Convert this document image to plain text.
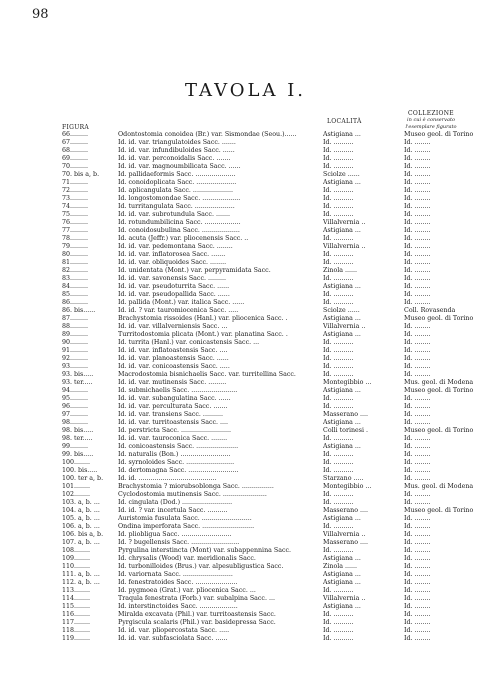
98
TAVOLA I.
FIGURA
LOCALITÀ
COLLEZIONE
in cui è conservato
l'esemplare figurato
66.........	Odontostomia conoidea (Br.) var. Sismondae (Seou.)......	Astigiana ...	Museo geol. di Torino
67.........	Id. id. var. triangulatoides Sacc. .......	Id. ..........	Id. ........
68.........	Id. id. var. infundibuloides Sacc. ......	Id. ..........	Id. ........
69.........	Id. id. var. perconoidalis Sacc. .......	Id. ..........	Id. ........
70.........	Id. id. var. magnoumbilicata Sacc. ......	Id. ..........	Id. ........
70. bis a, b.	Id. pallidaeformis Sacc. ....................	Sciolze ......	Id. ........
71.........	Id. conoidoplicata Sacc. ....................	Astigiana ...	Id. ........
72.........	Id. aplicangulata Sacc. ....................	Id. ..........	Id. ........
73.........	Id. longostomondae Sacc. ...................	Id. ..........	Id. ........
74.........	Id. turritangulata Sacc. ....................	Id. ..........	Id. ........
75.........	Id. id. var. subrotundula Sacc. .......	Id. ..........	Id. ........
76.........	Id. rotundumbilicina Sacc. ..................	Villalvernia ..	Id. ........
77.........	Id. conoidosubulina Sacc. ...................	Astigiana ...	Id. ........
78.........	Id. acuta (Jeffr.) var. pliocenensis Sacc. ..	Id. ..........	Id. ........
79.........	Id. id. var. pedemontana Sacc. ........	Villalvernia ..	Id. ........
80.........	Id. id. var. inflatorosea Sacc. .......	Id. ..........	Id. ........
81.........	Id. id. var. obliquoides Sacc. ........	Id. ..........	Id. ........
82.........	Id. unidentata (Mont.) var. perpyramidata Sacc.	Zinola ......	Id. ........
83.........	Id. id. var. savonensis Sacc. .........	Id. ..........	Id. ........
84.........	Id. id. var. pseudoturrita Sacc. ......	Astigiana ...	Id. ........
85.........	Id. id. var. pseudopallida Sacc. ......	Id. ..........	Id. ........
86.........	Id. pallida (Mont.) var. italica Sacc. ......	Id. ..........	Id. ........
86. bis......	Id. id. ? var. tauromiocenica Sacc. .....	Sciolze ......	Coll. Rovasenda
87.........	Brachystomia rissoides (Hanl.) var. pliocenica Sacc. .	Astigiana ...	Museo geol. di Torino
88.........	Id. id. var. villalverniensis Sacc. ...	Villalvernia ..	Id. ........
89.........	Turritodostomia plicata (Mont.) var. planatina Sacc. .	Astigiana ...	Id. ........
90.........	Id. turrita (Hanl.) var. conicastensis Sacc. ...	Id. ..........	Id. ........
91.........	Id. id. var. inflatoastensis Sacc. ....	Id. ..........	Id. ........
92.........	Id. id. var. planoastensis Sacc. ......	Id. ..........	Id. ........
93.........	Id. id. var. conicoastensis Sacc. .....	Id. ..........	Id. ........
93. bis.....	Macrodostomia bisnichaelis Sacc. var. turritellina Sacc.	Id. ..........	Id. ........
93. ter.....	Id. id. var. mutinensis Sacc. .........	Montegibbio ...	Mus. geol. di Modena
94.........	Id. submichaelis Sacc. .......................	Astigiana ...	Museo geol. di Torino
95.........	Id. id. var. subangulatina Sacc. ......	Id. ..........	Id. ........
96.........	Id. id. var. perculturata Sacc. .......	Id. ..........	Id. ........
97.........	Id. id. var. transiens Sacc. ..........	Masserano ....	Id. ........
98.........	Id. id. var. turritoastensis Sacc. ....	Astigiana ...	Id. ........
98. bis.....	Id. perstricta Sacc. .........................	Colli torinesi .	Museo geol. di Torino
98. ter.....	Id. id. var. tauroconica Sacc. ........	Id. ..........	Id. ........
99.........	Id. conicoastensis Sacc. .....................	Astigiana ...	Id. ........
99. bis.....	Id. naturalis (Bon.) .........................	Id. ..........	Id. ........
100........	Id. syrnoloides Sacc. ........................	Id. ..........	Id. ........
100. bis.....	Id. dertomagna Sacc. .........................	Id. ..........	Id. ........
100. ter a, b. Id. id. .......................................	Starzano .....	Id. ........
101........	Brachystomia ? miorubsoblonga Sacc. ................	Montegibbio ...	Mus. geol. di Modena
102........	Cyclodostomia mutinensis Sacc. ......................	Id. ..........	Id. ........
103. a, b. ...	Id. cingulata (Dod.) .........................	Id. ..........	Id. ........
104. a, b. ...	Id. id. ? var. incertula Sacc. ..........	Masserano ....	Museo geol. di Torino
105. a, b. ...	Auristomia fusulata Sacc. .........................	Astigiana ...	Id. ........
106. a, b. ...	Ondina imperforata Sacc. ..........................	Id. ..........	Id. ........
106. bis a, b. Id. pliobligua Sacc. .........................	Villalvernia ..	Id. ........
107. a, b. ...	Id. ? bugellensis Sacc. ........................	Masserano ....	Id. ........
108........	Pyrgulina interstincta (Mont) var. subappennina Sacc.	Id. ..........	Id. ........
109........	Id. chrysalis (Wood) var. meridionalis Sacc.	Astigiana ...	Id. ........
110........	Id. turbonilloides (Brus.) var. alpesubligustica Sacc.	Zinola ......	Id. ........
111. a, b. ...	Id. variornata Sacc. .........................	Astigiana ...	Id. ........
112. a, b. ...	Id. fenestratoides Sacc. .....................	Astigiana ...	Id. ........
113........	Id. pygmoea (Grat.) var. pliocenica Sacc. ...	Id. ..........	Id. ........
114........	Traqula fenestrata (Forb.) var. subalpina Sacc. ...	Villalvernia ..	Id. ........
115........	Id. interstinctoides Sacc. ...................	Astigiana ...	Id. ........
116........	Miralda excavata (Phil.) var. turritoastensis Sacc.	Id. ..........	Id. ........
117........	Pyrgiscula scalaris (Phil.) var. basidepressa Sacc.	Id. ..........	Id. ........
118........	Id. id. var. pliopercostata Sacc. .....	Id. ..........	Id. ........
119........	Id. id. var. subfasciolata Sacc. ......	Id. ..........	Id. ........
